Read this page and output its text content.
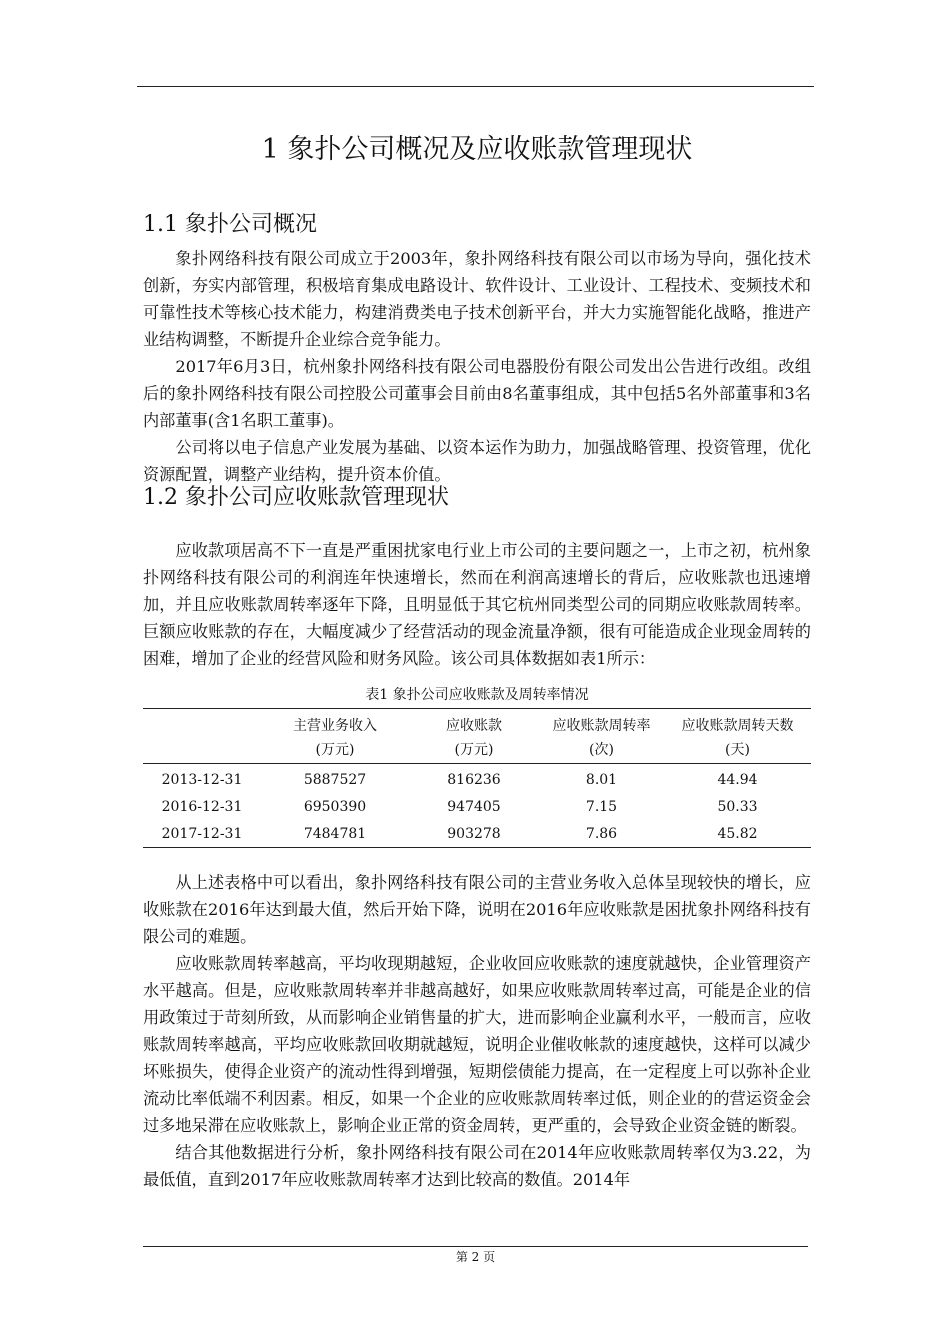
1 象扑公司概况及应收账款管理现状
1.1 象扑公司概况

象扑网络科技有限公司成立于2003年，象扑网络科技有限公司以市场为导向，强化技术创新，夯实内部管理，积极培育集成电路设计、软件设计、工业设计、工程技术、变频技术和可靠性技术等核心技术能力，构建消费类电子技术创新平台，并大力实施智能化战略，推进产业结构调整，不断提升企业综合竞争能力。

2017年6月3日，杭州象扑网络科技有限公司电器股份有限公司发出公告进行改组。改组后的象扑网络科技有限公司控股公司董事会目前由8名董事组成，其中包括5名外部董事和3名内部董事(含1名职工董事)。

公司将以电子信息产业发展为基础、以资本运作为助力，加强战略管理、投资管理，优化资源配置，调整产业结构，提升资本价值。

1.2 象扑公司应收账款管理现状

应收款项居高不下一直是严重困扰家电行业上市公司的主要问题之一，上市之初，杭州象扑网络科技有限公司的利润连年快速增长，然而在利润高速增长的背后，应收账款也迅速增加，并且应收账款周转率逐年下降，且明显低于其它杭州同类型公司的同期应收账款周转率。巨额应收账款的存在，大幅度减少了经营活动的现金流量净额，很有可能造成企业现金周转的困难，增加了企业的经营风险和财务风险。该公司具体数据如表1所示：

表1 象扑公司应收账款及周转率情况

	主营业务收入	应收账款	应收账款周转率	应收账款周转天数
	(万元)	(万元)	(次)	(天)
2013-12-31	5887527	816236	8.01	44.94
2016-12-31	6950390	947405	7.15	50.33
2017-12-31	7484781	903278	7.86	45.82

从上述表格中可以看出，象扑网络科技有限公司的主营业务收入总体呈现较快的增长，应收账款在2016年达到最大值，然后开始下降，说明在2016年应收账款是困扰象扑网络科技有限公司的难题。

应收账款周转率越高，平均收现期越短，企业收回应收账款的速度就越快，企业管理资产水平越高。但是，应收账款周转率并非越高越好，如果应收账款周转率过高，可能是企业的信用政策过于苛刻所致，从而影响企业销售量的扩大，进而影响企业赢利水平，一般而言，应收账款周转率越高，平均应收账款回收期就越短，说明企业催收帐款的速度越快，这样可以减少坏账损失，使得企业资产的流动性得到增强，短期偿债能力提高，在一定程度上可以弥补企业流动比率低端不利因素。相反，如果一个企业的应收账款周转率过低，则企业的的营运资金会过多地呆滞在应收账款上，影响企业正常的资金周转，更严重的，会导致企业资金链的断裂。

结合其他数据进行分析，象扑网络科技有限公司在2014年应收账款周转率仅为3.22，为最低值，直到2017年应收账款周转率才达到比较高的数值。2014年

第 2 页
